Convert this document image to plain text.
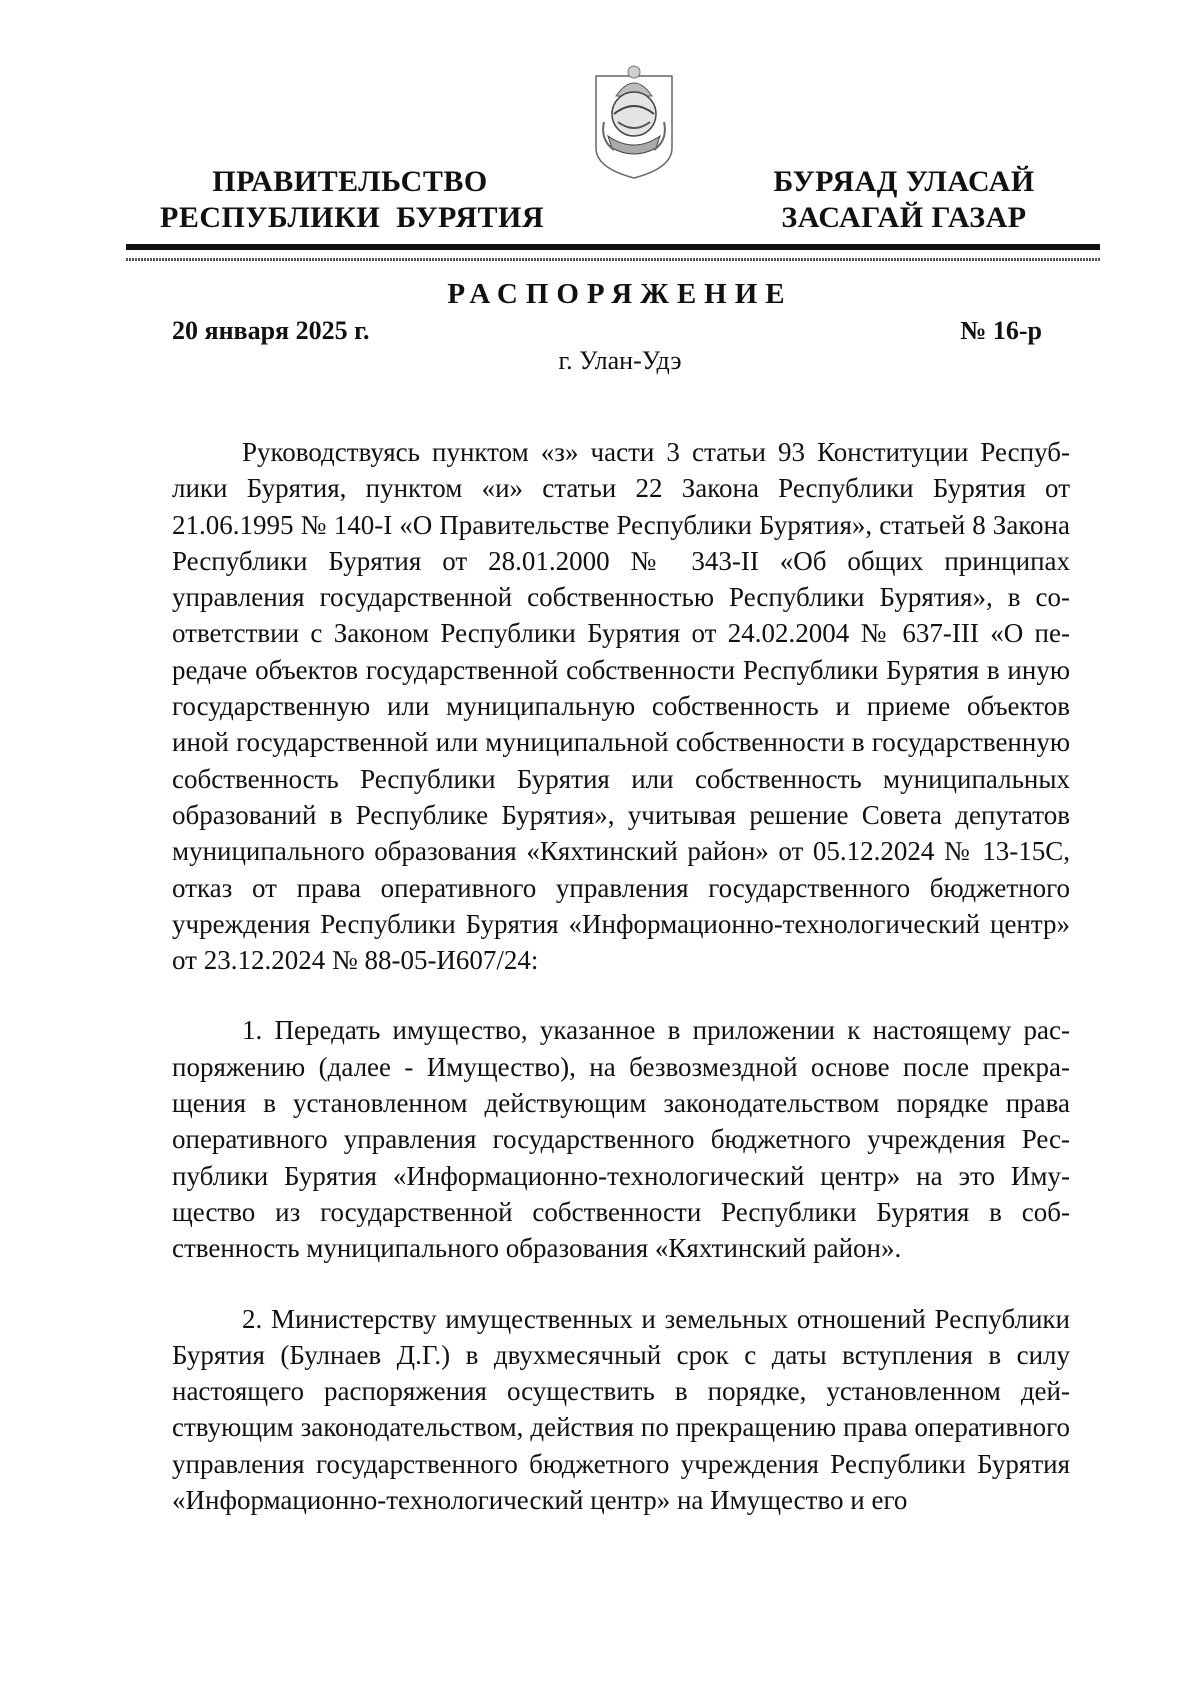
ПРАВИТЕЛЬСТВО
РЕСПУБЛИКИ  БУРЯТИЯ
БУРЯАД УЛАСАЙ
ЗАСАГАЙ ГАЗАР
РАСПОРЯЖЕНИЕ
20 января 2025 г.	№ 16-р
г. Улан-Удэ

Руководствуясь пунктом «з» части 3 статьи 93 Конституции Республики Бурятия, пунктом «и» статьи 22 Закона Республики Бурятия от 21.06.1995 № 140-I «О Правительстве Республики Бурятия», статьей 8 Закона Республики Бурятия от 28.01.2000 № 343-II «Об общих принципах управления государственной собственностью Республики Бурятия», в соответствии с Законом Республики Бурятия от 24.02.2004 № 637-III «О передаче объектов государственной собственности Республики Бурятия в иную государственную или муниципальную собственность и приеме объектов иной государственной или муниципальной собственности в государственную собственность Республики Бурятия или собственность муниципальных образований в Республике Бурятия», учитывая решение Совета депутатов муниципального образования «Кяхтинский район» от 05.12.2024 № 13-15С, отказ от права оперативного управления государственного бюджетного учреждения Республики Бурятия «Информационно-технологический центр» от 23.12.2024 № 88-05-И607/24:

1. Передать имущество, указанное в приложении к настоящему распоряжению (далее - Имущество), на безвозмездной основе после прекращения в установленном действующим законодательством порядке права оперативного управления государственного бюджетного учреждения Республики Бурятия «Информационно-технологический центр» на это Имущество из государственной собственности Республики Бурятия в собственность муниципального образования «Кяхтинский район».

2. Министерству имущественных и земельных отношений Республики Бурятия (Булнаев Д.Г.) в двухмесячный срок с даты вступления в силу настоящего распоряжения осуществить в порядке, установленном действующим законодательством, действия по прекращению права оперативного управления государственного бюджетного учреждения Республики Бурятия «Информационно-технологический центр» на Имущество и его
